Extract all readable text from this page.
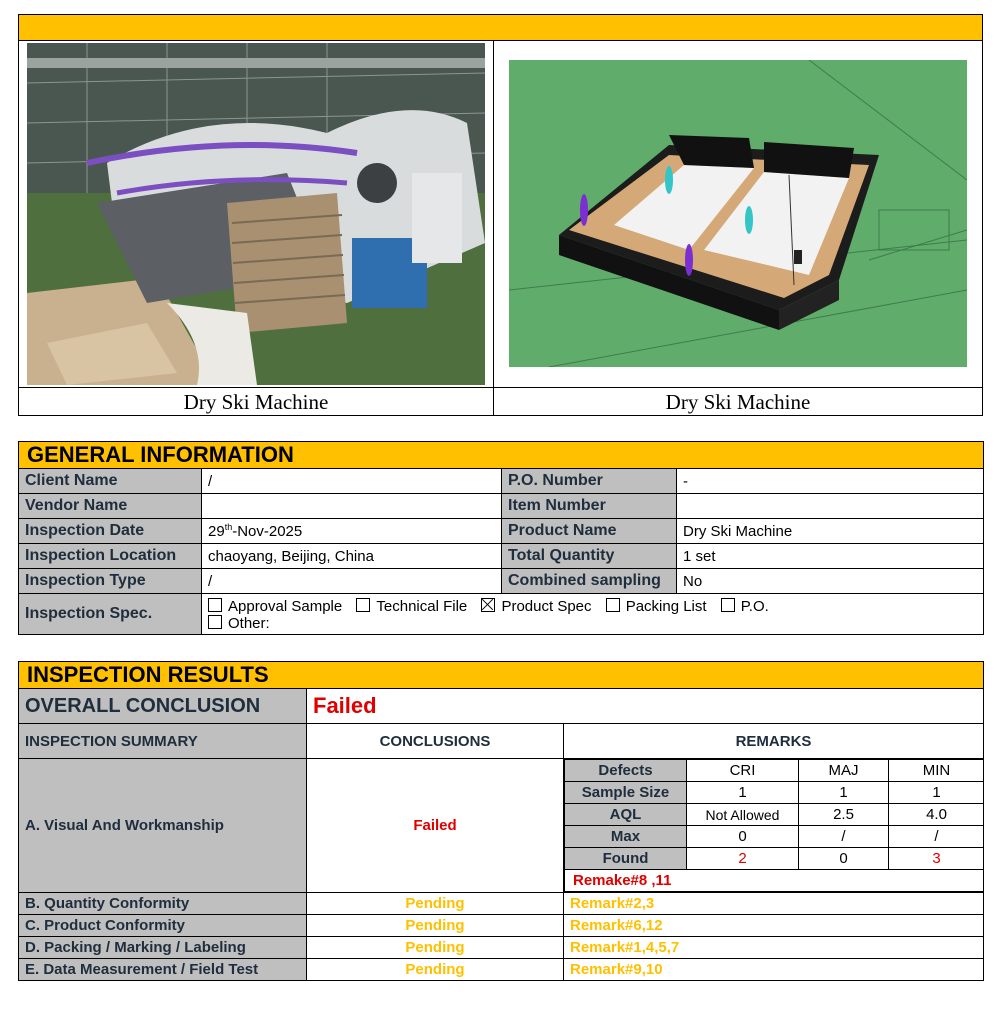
Dry Ski Machine	Dry Ski Machine
GENERAL INFORMATION			
Client Name	/	P.O. Number	-
Vendor Name		Item Number	
Inspection Date	29th-Nov-2025	Product Name	Dry Ski Machine
Inspection Location	chaoyang, Beijing, China	Total Quantity	1 set
Inspection Type	/	Combined sampling	No
Inspection Spec.	Approval Sample Technical File Product Spec Packing List P.O.
Other:		
INSPECTION RESULTS
OVERALL CONCLUSION	Failed
INSPECTION SUMMARY	CONCLUSIONS	REMARKS
A. Visual And Workmanship	Failed	
Defects	CRI	MAJ	MIN
Sample Size	1	1	1
AQL	Not Allowed	2.5	4.0
Max	0	/	/
Found	2	0	3
Remake#8 ,11

B. Quantity Conformity	Pending	Remark#2,3
C. Product Conformity	Pending	Remark#6,12
D. Packing / Marking / Labeling	Pending	Remark#1,4,5,7
E. Data Measurement / Field Test	Pending	Remark#9,10
